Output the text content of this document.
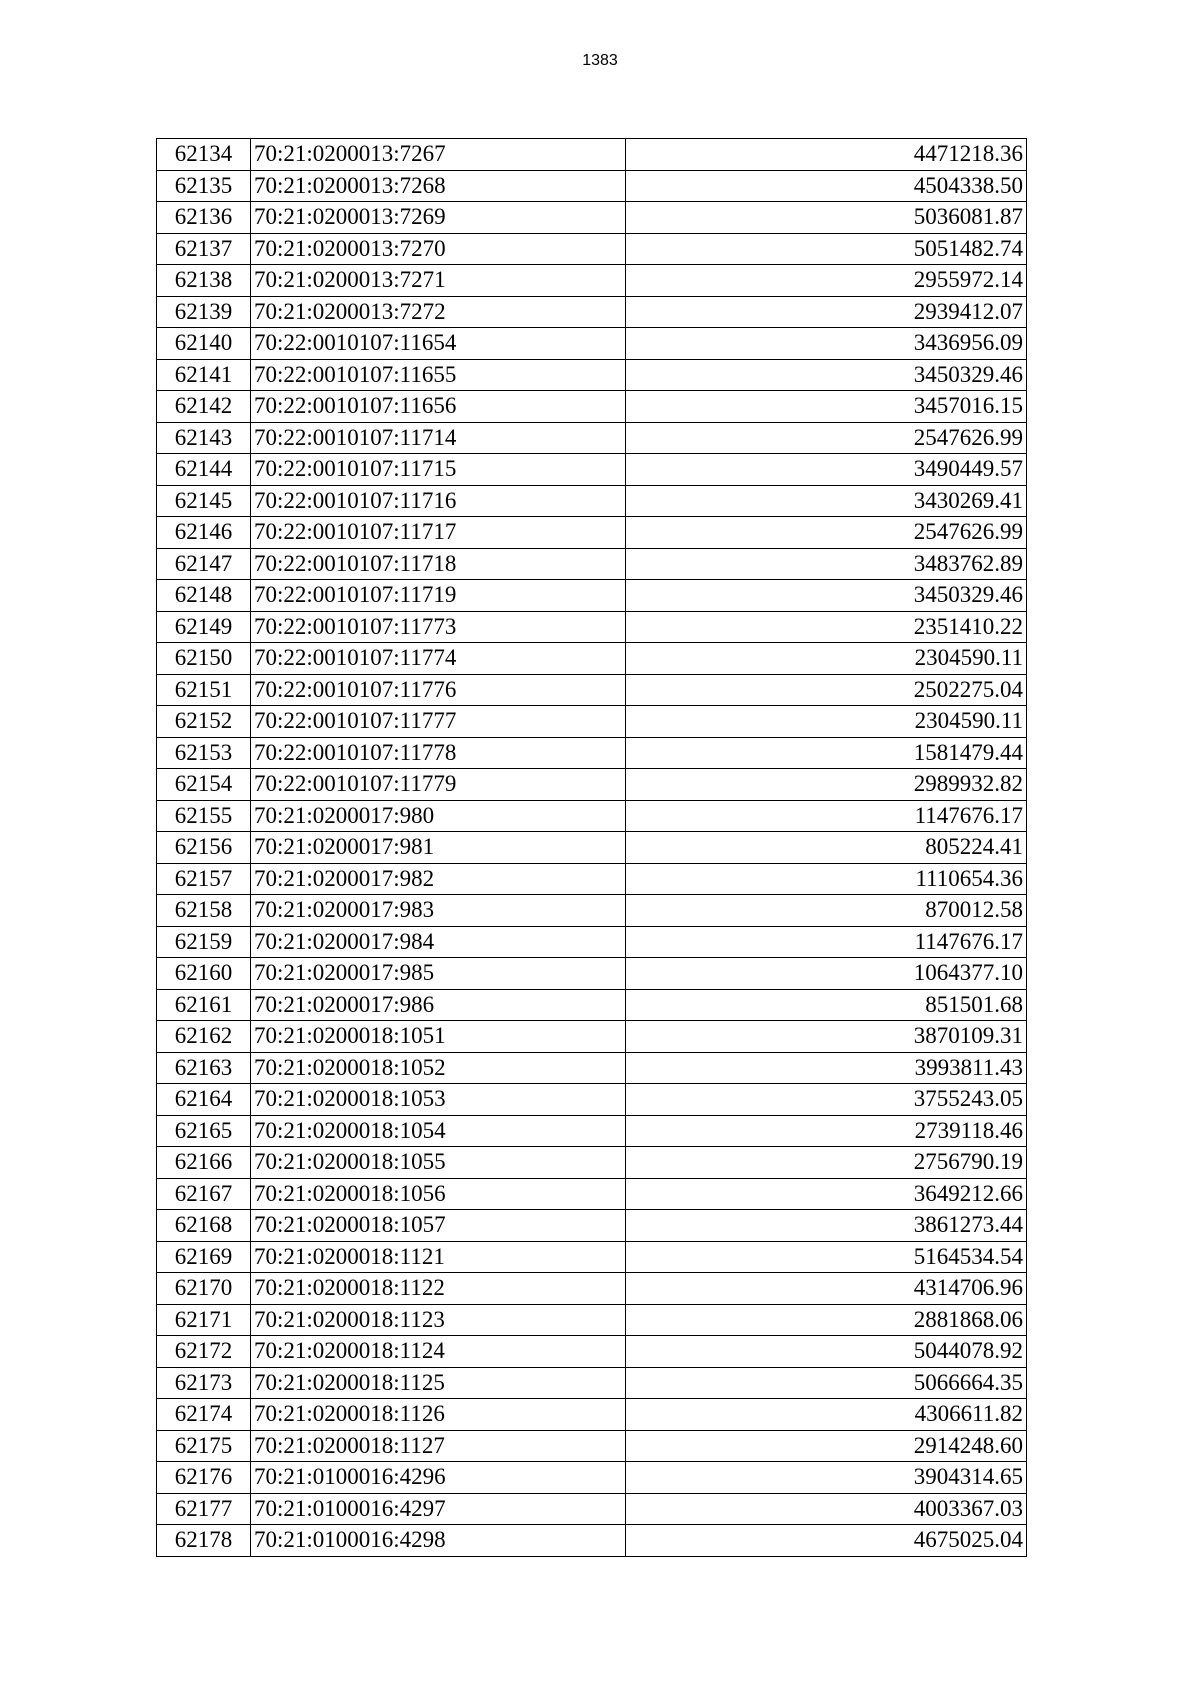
1383
62134	70:21:0200013:7267	4471218.36
62135	70:21:0200013:7268	4504338.50
62136	70:21:0200013:7269	5036081.87
62137	70:21:0200013:7270	5051482.74
62138	70:21:0200013:7271	2955972.14
62139	70:21:0200013:7272	2939412.07
62140	70:22:0010107:11654	3436956.09
62141	70:22:0010107:11655	3450329.46
62142	70:22:0010107:11656	3457016.15
62143	70:22:0010107:11714	2547626.99
62144	70:22:0010107:11715	3490449.57
62145	70:22:0010107:11716	3430269.41
62146	70:22:0010107:11717	2547626.99
62147	70:22:0010107:11718	3483762.89
62148	70:22:0010107:11719	3450329.46
62149	70:22:0010107:11773	2351410.22
62150	70:22:0010107:11774	2304590.11
62151	70:22:0010107:11776	2502275.04
62152	70:22:0010107:11777	2304590.11
62153	70:22:0010107:11778	1581479.44
62154	70:22:0010107:11779	2989932.82
62155	70:21:0200017:980	1147676.17
62156	70:21:0200017:981	805224.41
62157	70:21:0200017:982	1110654.36
62158	70:21:0200017:983	870012.58
62159	70:21:0200017:984	1147676.17
62160	70:21:0200017:985	1064377.10
62161	70:21:0200017:986	851501.68
62162	70:21:0200018:1051	3870109.31
62163	70:21:0200018:1052	3993811.43
62164	70:21:0200018:1053	3755243.05
62165	70:21:0200018:1054	2739118.46
62166	70:21:0200018:1055	2756790.19
62167	70:21:0200018:1056	3649212.66
62168	70:21:0200018:1057	3861273.44
62169	70:21:0200018:1121	5164534.54
62170	70:21:0200018:1122	4314706.96
62171	70:21:0200018:1123	2881868.06
62172	70:21:0200018:1124	5044078.92
62173	70:21:0200018:1125	5066664.35
62174	70:21:0200018:1126	4306611.82
62175	70:21:0200018:1127	2914248.60
62176	70:21:0100016:4296	3904314.65
62177	70:21:0100016:4297	4003367.03
62178	70:21:0100016:4298	4675025.04
